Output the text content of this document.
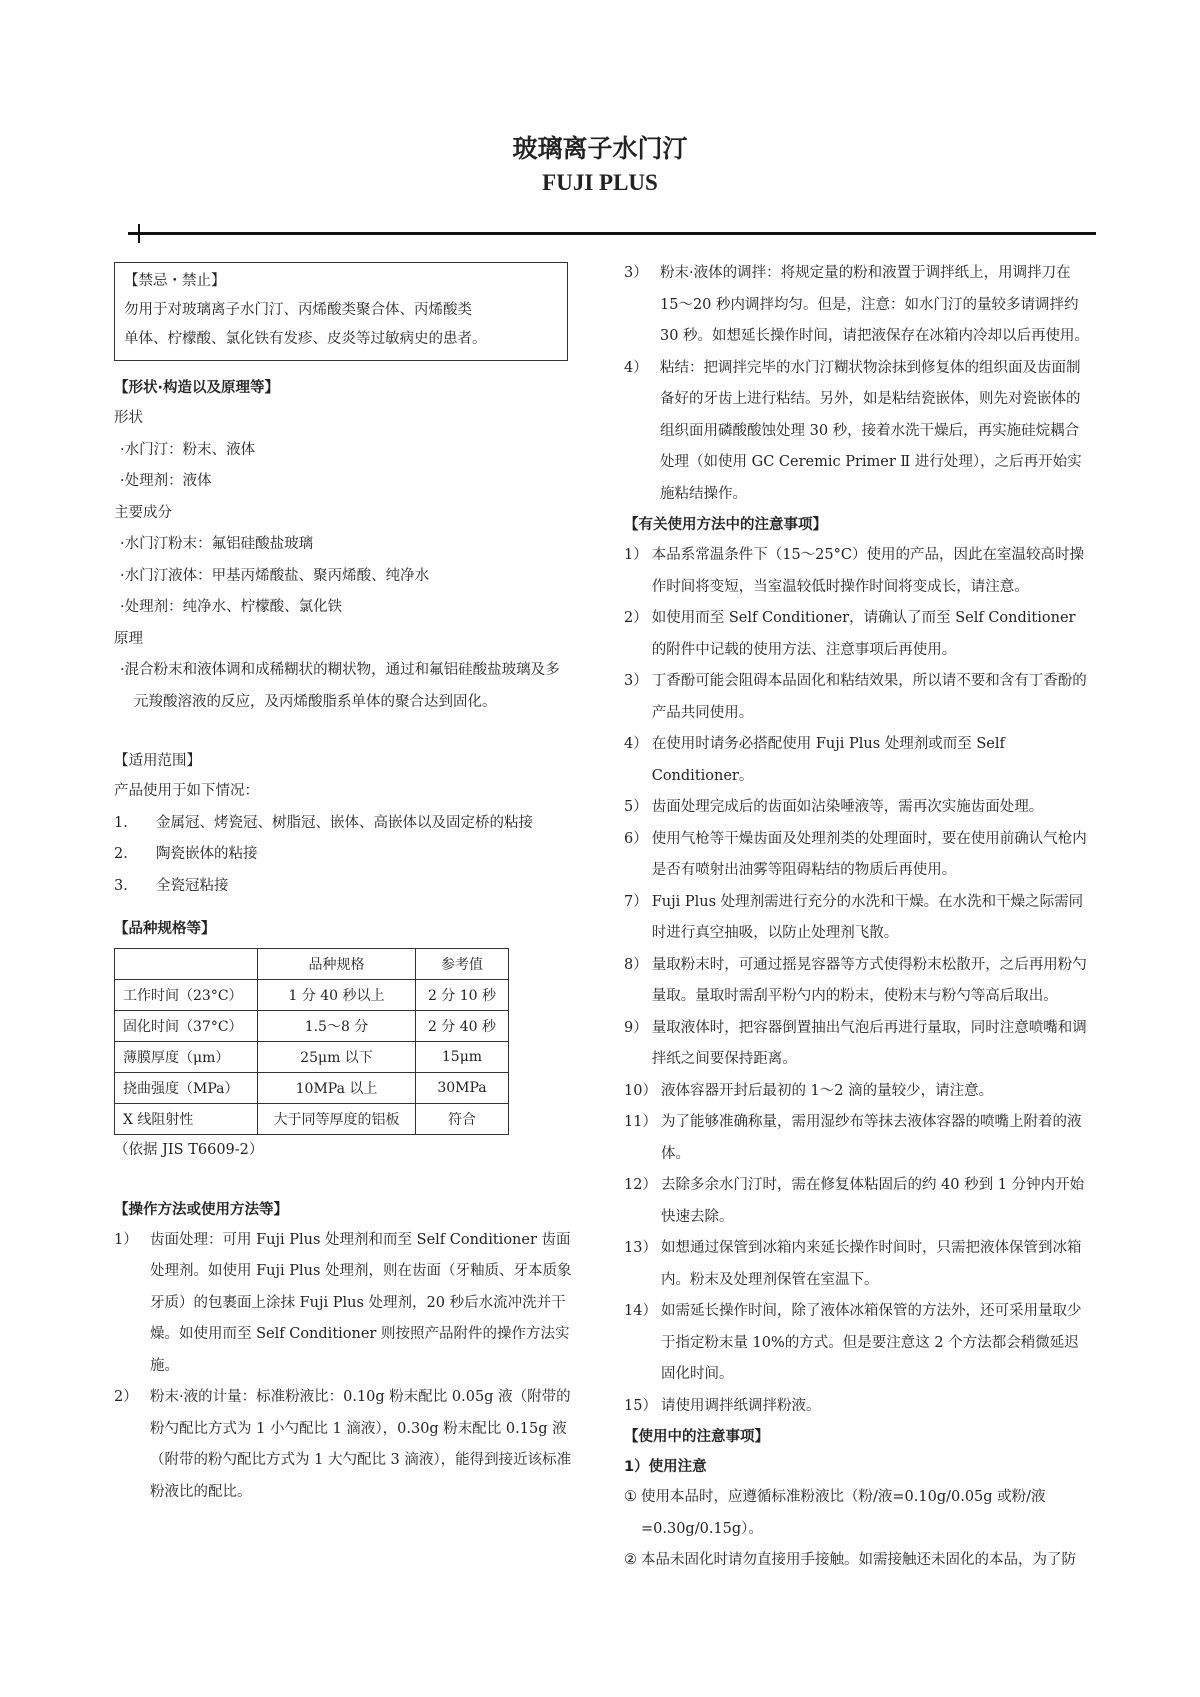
玻璃离子水门汀
FUJI PLUS
【禁忌・禁止】
勿用于对玻璃离子水门汀、丙烯酸类聚合体、丙烯酸类
单体、柠檬酸、氯化铁有发疹、皮炎等过敏病史的患者。
【形状·构造以及原理等】
形状
·水门汀：粉末、液体
·处理剂：液体
主要成分
·水门汀粉末：氟铝硅酸盐玻璃
·水门汀液体：甲基丙烯酸盐、聚丙烯酸、纯净水
·处理剂：纯净水、柠檬酸、氯化铁
原理
·混合粉末和液体调和成稀糊状的糊状物，通过和氟铝硅酸盐玻璃及多
元羧酸溶液的反应，及丙烯酸脂系单体的聚合达到固化。
【适用范围】
产品使用于如下情况：
1.	金属冠、烤瓷冠、树脂冠、嵌体、高嵌体以及固定桥的粘接
2.	陶瓷嵌体的粘接
3.	全瓷冠粘接
【品种规格等】
	品种规格	参考值
工作时间（23°C）	1 分 40 秒以上	2 分 10 秒
固化时间（37°C）	1.5～8 分	2 分 40 秒
薄膜厚度（μm）	25μm 以下	15μm
挠曲强度（MPa）	10MPa 以上	30MPa
X 线阻射性	大于同等厚度的铝板	符合
（依据 JIS T6609-2）
【操作方法或使用方法等】
1） 齿面处理：可用 Fuji Plus 处理剂和而至 Self Conditioner 齿面处理剂。如使用 Fuji Plus 处理剂，则在齿面（牙釉质、牙本质象牙质）的包裹面上涂抹 Fuji Plus 处理剂，20 秒后水流冲洗并干燥。如使用而至 Self Conditioner 则按照产品附件的操作方法实施。
2） 粉末·液的计量：标准粉液比：0.10g 粉末配比 0.05g 液（附带的粉勺配比方式为 1 小勺配比 1 滴液），0.30g 粉末配比 0.15g 液（附带的粉勺配比方式为 1 大勺配比 3 滴液），能得到接近该标准粉液比的配比。
3） 粉末·液体的调拌：将规定量的粉和液置于调拌纸上，用调拌刀在 15～20 秒内调拌均匀。但是，注意：如水门汀的量较多请调拌约 30 秒。如想延长操作时间，请把液保存在冰箱内冷却以后再使用。
4） 粘结：把调拌完毕的水门汀糊状物涂抹到修复体的组织面及齿面制备好的牙齿上进行粘结。另外，如是粘结瓷嵌体，则先对瓷嵌体的组织面用磷酸酸蚀处理 30 秒，接着水洗干燥后，再实施硅烷耦合处理（如使用 GC Ceremic Primer Ⅱ 进行处理），之后再开始实施粘结操作。
【有关使用方法中的注意事项】
1） 本品系常温条件下（15～25°C）使用的产品，因此在室温较高时操作时间将变短，当室温较低时操作时间将变成长，请注意。
2） 如使用而至 Self Conditioner，请确认了而至 Self Conditioner 的附件中记载的使用方法、注意事项后再使用。
3） 丁香酚可能会阻碍本品固化和粘结效果，所以请不要和含有丁香酚的产品共同使用。
4） 在使用时请务必搭配使用 Fuji Plus 处理剂或而至 Self Conditioner。
5） 齿面处理完成后的齿面如沾染唾液等，需再次实施齿面处理。
6） 使用气枪等干燥齿面及处理剂类的处理面时，要在使用前确认气枪内是否有喷射出油雾等阻碍粘结的物质后再使用。
7） Fuji Plus 处理剂需进行充分的水洗和干燥。在水洗和干燥之际需同时进行真空抽吸，以防止处理剂飞散。
8） 量取粉末时，可通过摇晃容器等方式使得粉末松散开，之后再用粉勺量取。量取时需刮平粉勺内的粉末，使粉末与粉勺等高后取出。
9） 量取液体时，把容器倒置抽出气泡后再进行量取，同时注意喷嘴和调拌纸之间要保持距离。
10） 液体容器开封后最初的 1～2 滴的量较少，请注意。
11） 为了能够准确称量，需用湿纱布等抹去液体容器的喷嘴上附着的液体。
12） 去除多余水门汀时，需在修复体粘固后的约 40 秒到 1 分钟内开始快速去除。
13） 如想通过保管到冰箱内来延长操作时间时，只需把液体保管到冰箱内。粉末及处理剂保管在室温下。
14） 如需延长操作时间，除了液体冰箱保管的方法外，还可采用量取少于指定粉末量 10%的方式。但是要注意这 2 个方法都会稍微延迟固化时间。
15） 请使用调拌纸调拌粉液。
【使用中的注意事项】
1）使用注意
① 使用本品时，应遵循标准粉液比（粉/液=0.10g/0.05g 或粉/液=0.30g/0.15g）。
② 本品未固化时请勿直接用手接触。如需接触还未固化的本品，为了防
